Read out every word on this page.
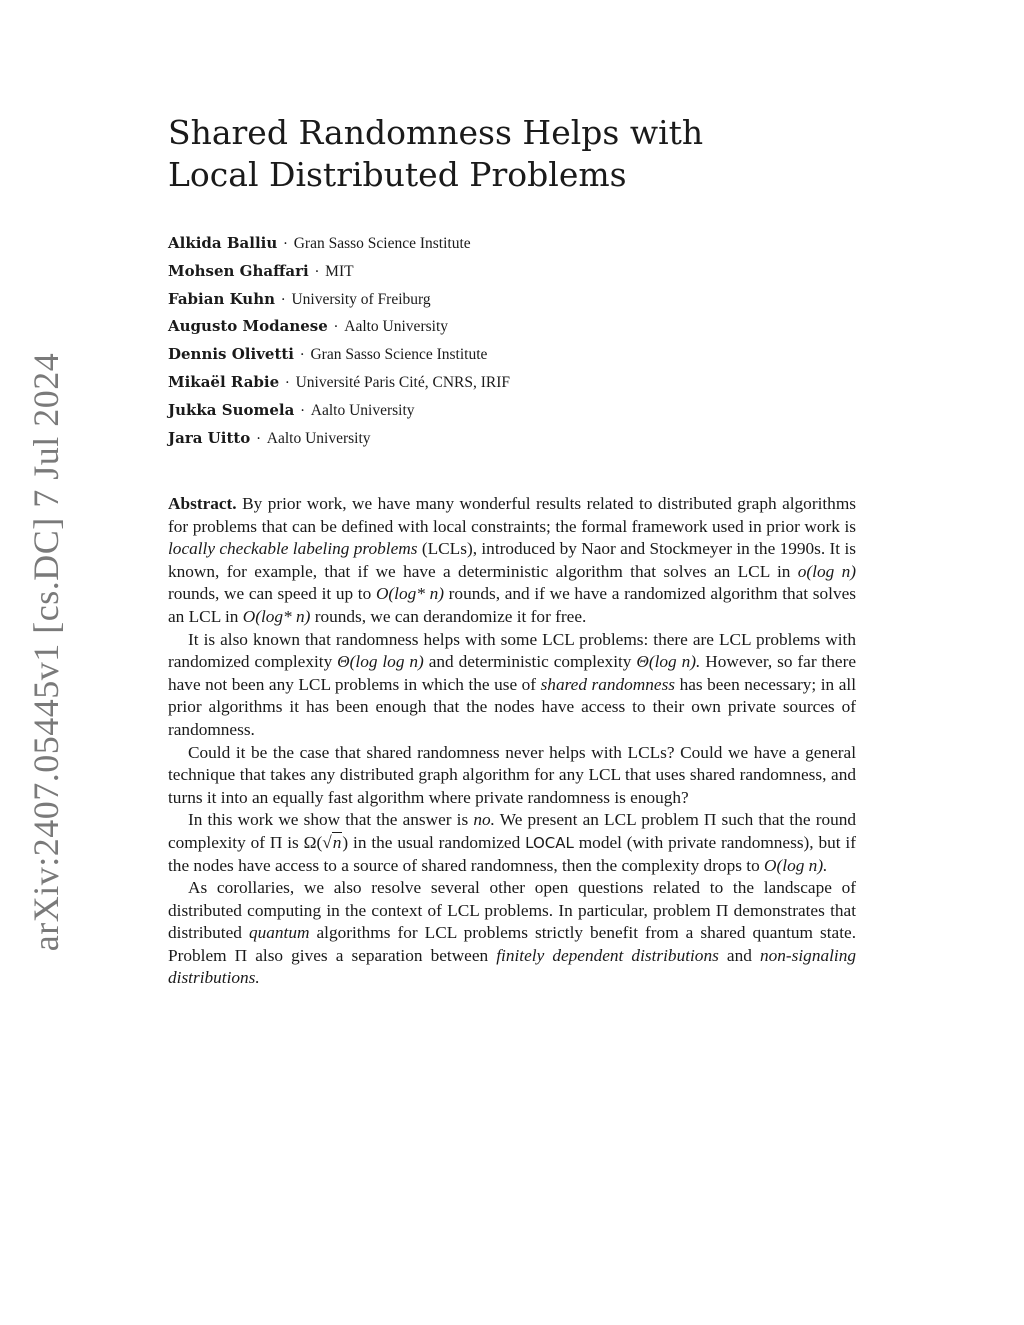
arXiv:2407.05445v1 [cs.DC] 7 Jul 2024
Shared Randomness Helps with
Local Distributed Problems
Alkida Balliu · Gran Sasso Science Institute
Mohsen Ghaffari · MIT
Fabian Kuhn · University of Freiburg
Augusto Modanese · Aalto University
Dennis Olivetti · Gran Sasso Science Institute
Mikaël Rabie · Université Paris Cité, CNRS, IRIF
Jukka Suomela · Aalto University
Jara Uitto · Aalto University

Abstract. By prior work, we have many wonderful results related to distributed graph algorithms for problems that can be defined with local constraints; the formal framework used in prior work is locally checkable labeling problems (LCLs), introduced by Naor and Stockmeyer in the 1990s. It is known, for example, that if we have a deterministic algorithm that solves an LCL in o(log n) rounds, we can speed it up to O(log* n) rounds, and if we have a randomized algorithm that solves an LCL in O(log* n) rounds, we can derandomize it for free.

It is also known that randomness helps with some LCL problems: there are LCL problems with randomized complexity Θ(log log n) and deterministic complexity Θ(log n). However, so far there have not been any LCL problems in which the use of shared randomness has been necessary; in all prior algorithms it has been enough that the nodes have access to their own private sources of randomness.

Could it be the case that shared randomness never helps with LCLs? Could we have a general technique that takes any distributed graph algorithm for any LCL that uses shared randomness, and turns it into an equally fast algorithm where private randomness is enough?

In this work we show that the answer is no. We present an LCL problem Π such that the round complexity of Π is Ω(√n) in the usual randomized LOCAL model (with private randomness), but if the nodes have access to a source of shared randomness, then the complexity drops to O(log n).

As corollaries, we also resolve several other open questions related to the landscape of distributed computing in the context of LCL problems. In particular, problem Π demonstrates that distributed quantum algorithms for LCL problems strictly benefit from a shared quantum state. Problem Π also gives a separation between finitely dependent distributions and non-signaling distributions.
